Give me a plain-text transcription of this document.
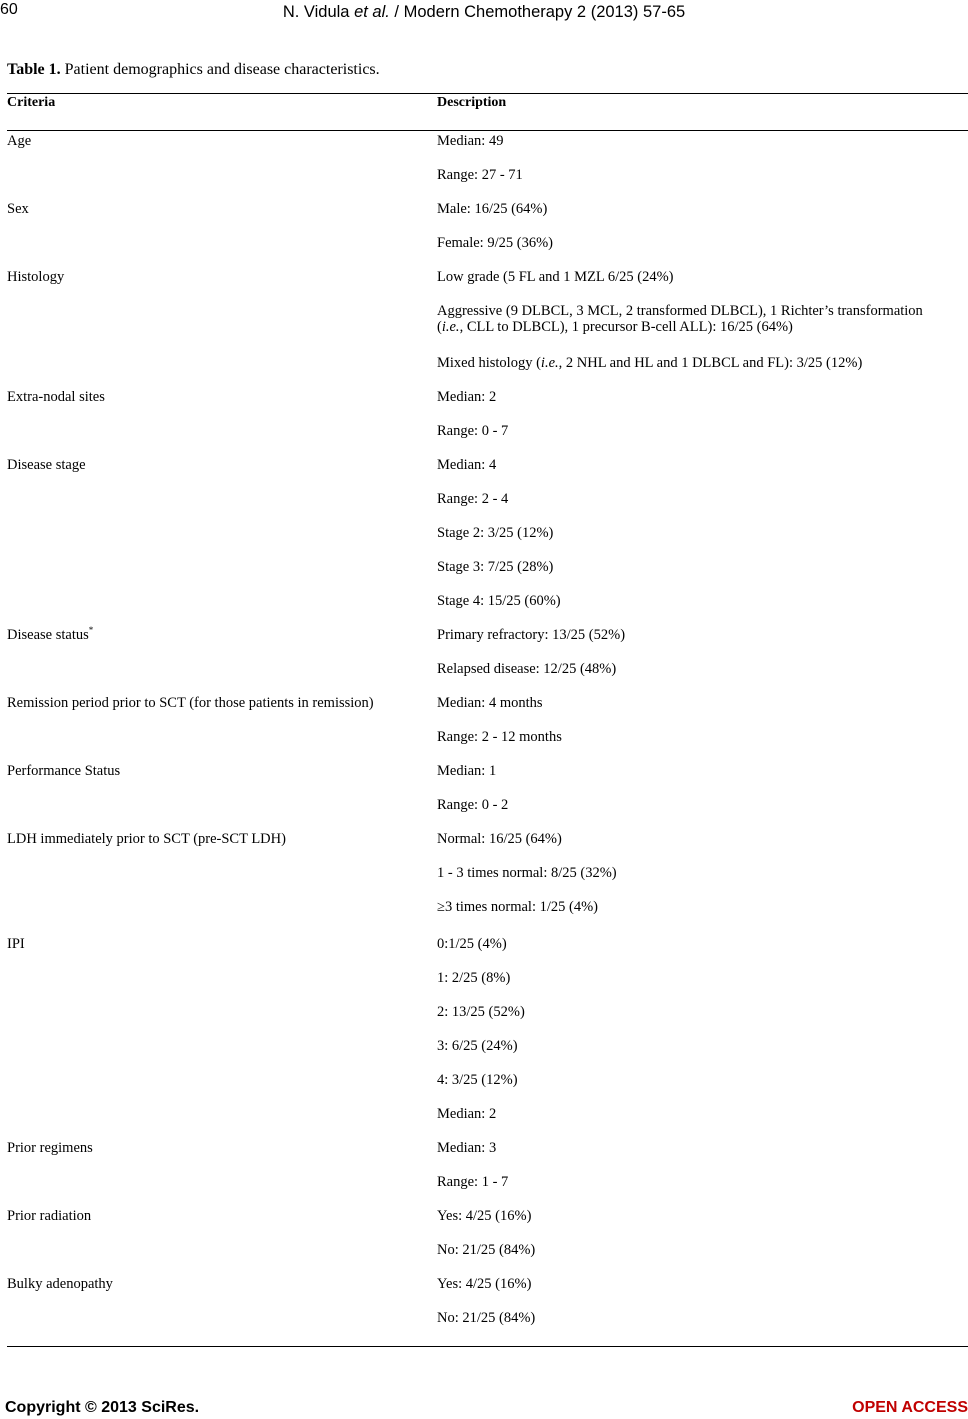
60	N. Vidula et al. / Modern Chemotherapy 2 (2013) 57-65
Table 1. Patient demographics and disease characteristics.
Criteria	Description
Age	Median: 49
Range: 27 - 71
Sex	Male: 16/25 (64%)
Female: 9/25 (36%)
Histology	Low grade (5 FL and 1 MZL 6/25 (24%)
Aggressive (9 DLBCL, 3 MCL, 2 transformed DLBCL), 1 Richter’s transformation
(i.e., CLL to DLBCL), 1 precursor B-cell ALL): 16/25 (64%)
Mixed histology (i.e., 2 NHL and HL and 1 DLBCL and FL): 3/25 (12%)
Extra-nodal sites	Median: 2
Range: 0 - 7
Disease stage	Median: 4
Range: 2 - 4
Stage 2: 3/25 (12%)
Stage 3: 7/25 (28%)
Stage 4: 15/25 (60%)
Disease status*	Primary refractory: 13/25 (52%)
Relapsed disease: 12/25 (48%)
Remission period prior to SCT (for those patients in remission)	Median: 4 months
Range: 2 - 12 months
Performance Status	Median: 1
Range: 0 - 2
LDH immediately prior to SCT (pre-SCT LDH)	Normal: 16/25 (64%)
1 - 3 times normal: 8/25 (32%)
≥3 times normal: 1/25 (4%)
IPI	0:1/25 (4%)
1: 2/25 (8%)
2: 13/25 (52%)
3: 6/25 (24%)
4: 3/25 (12%)
Median: 2
Prior regimens	Median: 3
Range: 1 - 7
Prior radiation	Yes: 4/25 (16%)
No: 21/25 (84%)
Bulky adenopathy	Yes: 4/25 (16%)
No: 21/25 (84%)
Copyright © 2013 SciRes.	OPEN ACCESS
